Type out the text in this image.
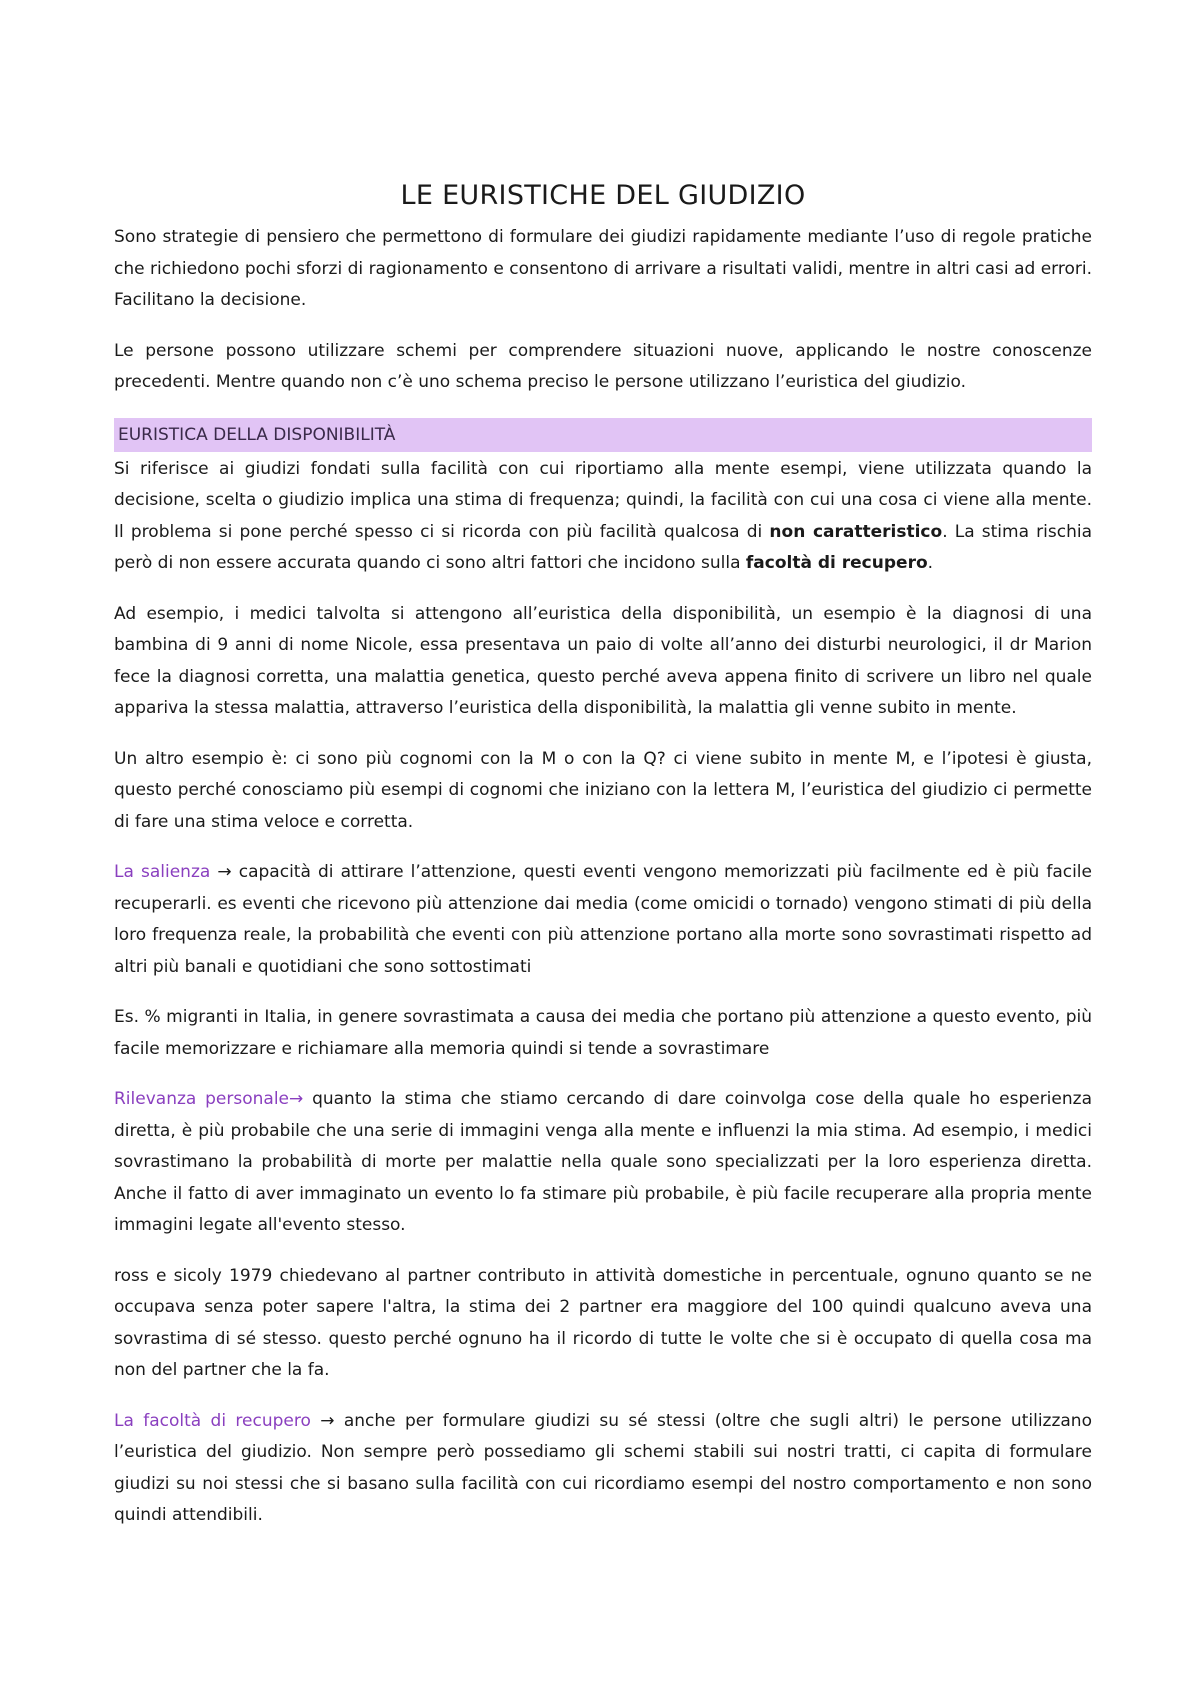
LE EURISTICHE DEL GIUDIZIO

Sono strategie di pensiero che permettono di formulare dei giudizi rapidamente mediante l’uso di regole pratiche che richiedono pochi sforzi di ragionamento e consentono di arrivare a risultati validi, mentre in altri casi ad errori. Facilitano la decisione.

Le persone possono utilizzare schemi per comprendere situazioni nuove, applicando le nostre conoscenze precedenti. Mentre quando non c’è uno schema preciso le persone utilizzano l’euristica del giudizio.

EURISTICA DELLA DISPONIBILITÀ

Si riferisce ai giudizi fondati sulla facilità con cui riportiamo alla mente esempi, viene utilizzata quando la decisione, scelta o giudizio implica una stima di frequenza; quindi, la facilità con cui una cosa ci viene alla mente. Il problema si pone perché spesso ci si ricorda con più facilità qualcosa di non caratteristico. La stima rischia però di non essere accurata quando ci sono altri fattori che incidono sulla facoltà di recupero.

Ad esempio, i medici talvolta si attengono all’euristica della disponibilità, un esempio è la diagnosi di una bambina di 9 anni di nome Nicole, essa presentava un paio di volte all’anno dei disturbi neurologici, il dr Marion fece la diagnosi corretta, una malattia genetica, questo perché aveva appena finito di scrivere un libro nel quale appariva la stessa malattia, attraverso l’euristica della disponibilità, la malattia gli venne subito in mente.

Un altro esempio è: ci sono più cognomi con la M o con la Q? ci viene subito in mente M, e l’ipotesi è giusta, questo perché conosciamo più esempi di cognomi che iniziano con la lettera M, l’euristica del giudizio ci permette di fare una stima veloce e corretta.

La salienza → capacità di attirare l’attenzione, questi eventi vengono memorizzati più facilmente ed è più facile recuperarli. es eventi che ricevono più attenzione dai media (come omicidi o tornado) vengono stimati di più della loro frequenza reale, la probabilità che eventi con più attenzione portano alla morte sono sovrastimati rispetto ad altri più banali e quotidiani che sono sottostimati

Es. % migranti in Italia, in genere sovrastimata a causa dei media che portano più attenzione a questo evento, più facile memorizzare e richiamare alla memoria quindi si tende a sovrastimare

Rilevanza personale→ quanto la stima che stiamo cercando di dare coinvolga cose della quale ho esperienza diretta, è più probabile che una serie di immagini venga alla mente e influenzi la mia stima. Ad esempio, i medici sovrastimano la probabilità di morte per malattie nella quale sono specializzati per la loro esperienza diretta. Anche il fatto di aver immaginato un evento lo fa stimare più probabile, è più facile recuperare alla propria mente immagini legate all'evento stesso.

ross e sicoly 1979 chiedevano al partner contributo in attività domestiche in percentuale, ognuno quanto se ne occupava senza poter sapere l'altra, la stima dei 2 partner era maggiore del 100 quindi qualcuno aveva una sovrastima di sé stesso. questo perché ognuno ha il ricordo di tutte le volte che si è occupato di quella cosa ma non del partner che la fa.

La facoltà di recupero → anche per formulare giudizi su sé stessi (oltre che sugli altri) le persone utilizzano l’euristica del giudizio. Non sempre però possediamo gli schemi stabili sui nostri tratti, ci capita di formulare giudizi su noi stessi che si basano sulla facilità con cui ricordiamo esempi del nostro comportamento e non sono quindi attendibili.
